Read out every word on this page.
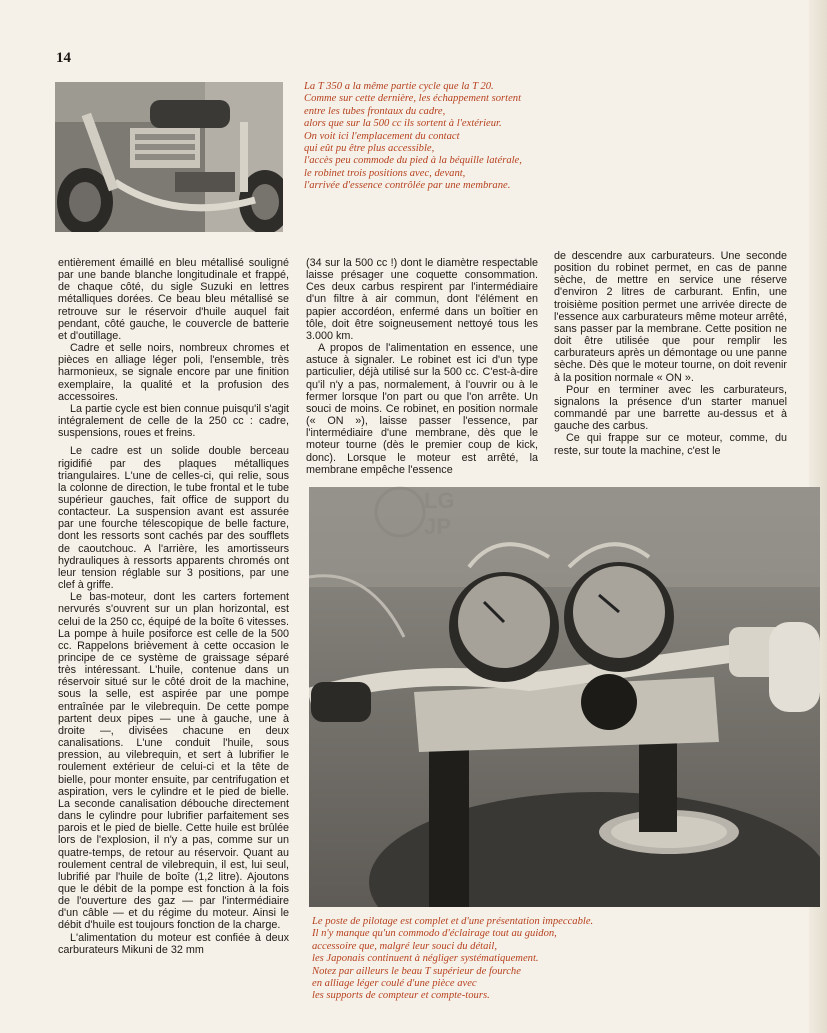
14
La T 350 a la même partie cycle que la T 20.
Comme sur cette dernière, les échappement sortent
entre les tubes frontaux du cadre,
alors que sur la 500 cc ils sortent à l'extérieur.
On voit ici l'emplacement du contact
qui eût pu être plus accessible,
l'accès peu commode du pied à la béquille latérale,
le robinet trois positions avec, devant,
l'arrivée d'essence contrôlée par une membrane.

entièrement émaillé en bleu métallisé souligné par une bande blanche longitudinale et frappé, de chaque côté, du sigle Suzuki en lettres métalliques dorées. Ce beau bleu métallisé se retrouve sur le réservoir d'huile auquel fait pendant, côté gauche, le couvercle de batterie et d'outillage.

Cadre et selle noirs, nombreux chromes et pièces en alliage léger poli, l'ensemble, très harmonieux, se signale encore par une finition exemplaire, la qualité et la profusion des accessoires.

La partie cycle est bien connue puisqu'il s'agit intégralement de celle de la 250 cc : cadre, suspensions, roues et freins.

Le cadre est un solide double berceau rigidifié par des plaques métalliques triangulaires. L'une de celles-ci, qui relie, sous la colonne de direction, le tube frontal et le tube supérieur gauches, fait office de support du contacteur. La suspension avant est assurée par une fourche télescopique de belle facture, dont les ressorts sont cachés par des soufflets de caoutchouc. A l'arrière, les amortisseurs hydrauliques à ressorts apparents chromés ont leur tension réglable sur 3 positions, par une clef à griffe.

Le bas-moteur, dont les carters fortement nervurés s'ouvrent sur un plan horizontal, est celui de la 250 cc, équipé de la boîte 6 vitesses. La pompe à huile posiforce est celle de la 500 cc. Rappelons brièvement à cette occasion le principe de ce système de graissage séparé très intéressant. L'huile, contenue dans un réservoir situé sur le côté droit de la machine, sous la selle, est aspirée par une pompe entraînée par le vilebrequin. De cette pompe partent deux pipes — une à gauche, une à droite —, divisées chacune en deux canalisations. L'une conduit l'huile, sous pression, au vilebrequin, et sert à lubrifier le roulement extérieur de celui-ci et la tête de bielle, pour monter ensuite, par centrifugation et aspiration, vers le cylindre et le pied de bielle. La seconde canalisation débouche directement dans le cylindre pour lubrifier parfaitement ses parois et le pied de bielle. Cette huile est brûlée lors de l'explosion, il n'y a pas, comme sur un quatre-temps, de retour au réservoir. Quant au roulement central de vilebrequin, il est, lui seul, lubrifié par l'huile de boîte (1,2 litre). Ajoutons que le débit de la pompe est fonction à la fois de l'ouverture des gaz — par l'intermédiaire d'un câble — et du régime du moteur. Ainsi le débit d'huile est toujours fonction de la charge.

L'alimentation du moteur est confiée à deux carburateurs Mikuni de 32 mm

(34 sur la 500 cc !) dont le diamètre respectable laisse présager une coquette consommation. Ces deux carbus respirent par l'intermédiaire d'un filtre à air commun, dont l'élément en papier accordéon, enfermé dans un boîtier en tôle, doit être soigneusement nettoyé tous les 3.000 km.

A propos de l'alimentation en essence, une astuce à signaler. Le robinet est ici d'un type particulier, déjà utilisé sur la 500 cc. C'est-à-dire qu'il n'y a pas, normalement, à l'ouvrir ou à le fermer lorsque l'on part ou que l'on arrête. Un souci de moins. Ce robinet, en position normale (« ON »), laisse passer l'essence, par l'intermédiaire d'une membrane, dès que le moteur tourne (dès le premier coup de kick, donc). Lorsque le moteur est arrêté, la membrane empêche l'essence

de descendre aux carburateurs. Une seconde position du robinet permet, en cas de panne sèche, de mettre en service une réserve d'environ 2 litres de carburant. Enfin, une troisième position permet une arrivée directe de l'essence aux carburateurs même moteur arrêté, sans passer par la membrane. Cette position ne doit être utilisée que pour remplir les carburateurs après un démontage ou une panne sèche. Dès que le moteur tourne, on doit revenir à la position normale « ON ».

Pour en terminer avec les carburateurs, signalons la présence d'un starter manuel commandé par une barrette au-dessus et à gauche des carbus.

Ce qui frappe sur ce moteur, comme, du reste, sur toute la machine, c'est le

LG
JP
Le poste de pilotage est complet et d'une présentation impeccable.
Il n'y manque qu'un commodo d'éclairage tout au guidon,
accessoire que, malgré leur souci du détail,
les Japonais continuent à négliger systématiquement.
Notez par ailleurs le beau T supérieur de fourche
en alliage léger coulé d'une pièce avec
les supports de compteur et compte-tours.
